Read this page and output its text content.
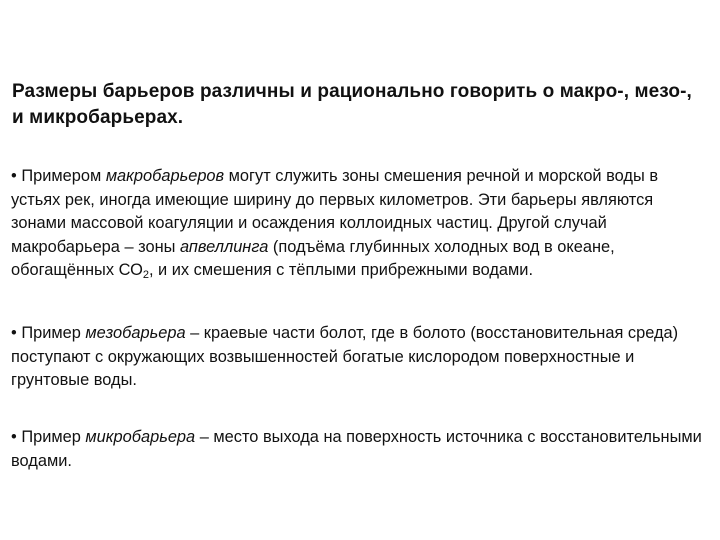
Размеры барьеров различны и рационально говорить о макро-, мезо-, и микробарьерах.

• Примером макробарьеров могут служить зоны смешения речной и морской воды в устьях рек, иногда имеющие ширину до первых километров. Эти барьеры являются зонами массовой коагуляции и осаждения коллоидных частиц. Другой случай макробарьера – зоны апвеллинга (подъёма глубинных холодных вод в океане, обогащённых $СО_2$, и их смешения с тёплыми прибрежными водами.

• Пример мезобарьера – краевые части болот, где в болото (восстановительная среда) поступают с окружающих возвышенностей богатые кислородом поверхностные и грунтовые воды.

• Пример микробарьера – место выхода на поверхность источника с восстановительными водами.
